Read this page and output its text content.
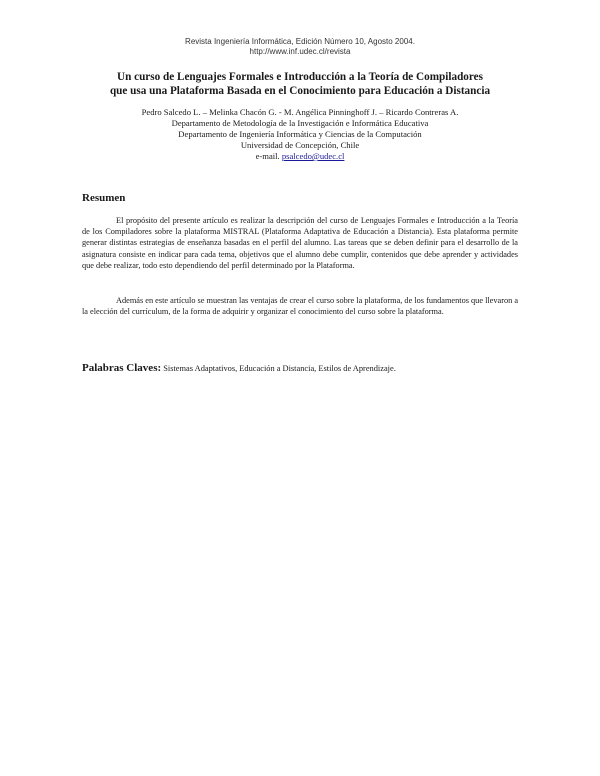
Revista Ingeniería Informática, Edición Número 10, Agosto 2004.
http://www.inf.udec.cl/revista
Un curso de Lenguajes Formales e Introducción a la Teoría de Compiladores
que usa una Plataforma Basada en el Conocimiento para Educación a Distancia
Pedro Salcedo L. – Melinka Chacón G. - M. Angélica Pinninghoff J. – Ricardo Contreras A.
Departamento de Metodología de la Investigación e Informática Educativa
Departamento de Ingeniería Informática y Ciencias de la Computación
Universidad de Concepción, Chile
e-mail. psalcedo@udec.cl
Resumen

El propósito del presente artículo es realizar la descripción del curso de Lenguajes Formales e Introducción a la Teoría de los Compiladores sobre la plataforma MISTRAL (Plataforma Adaptativa de Educación a Distancia). Esta plataforma permite generar distintas estrategias de enseñanza basadas en el perfil del alumno. Las tareas que se deben definir para el desarrollo de la asignatura consiste en indicar para cada tema, objetivos que el alumno debe cumplir, contenidos que debe aprender y actividades que debe realizar, todo esto dependiendo del perfil determinado por la Plataforma.

Además en este artículo se muestran las ventajas de crear el curso sobre la plataforma, de los fundamentos que llevaron a la elección del currículum, de la forma de adquirir y organizar el conocimiento del curso sobre la plataforma.

Palabras Claves: Sistemas Adaptativos, Educación a Distancia, Estilos de Aprendizaje.
